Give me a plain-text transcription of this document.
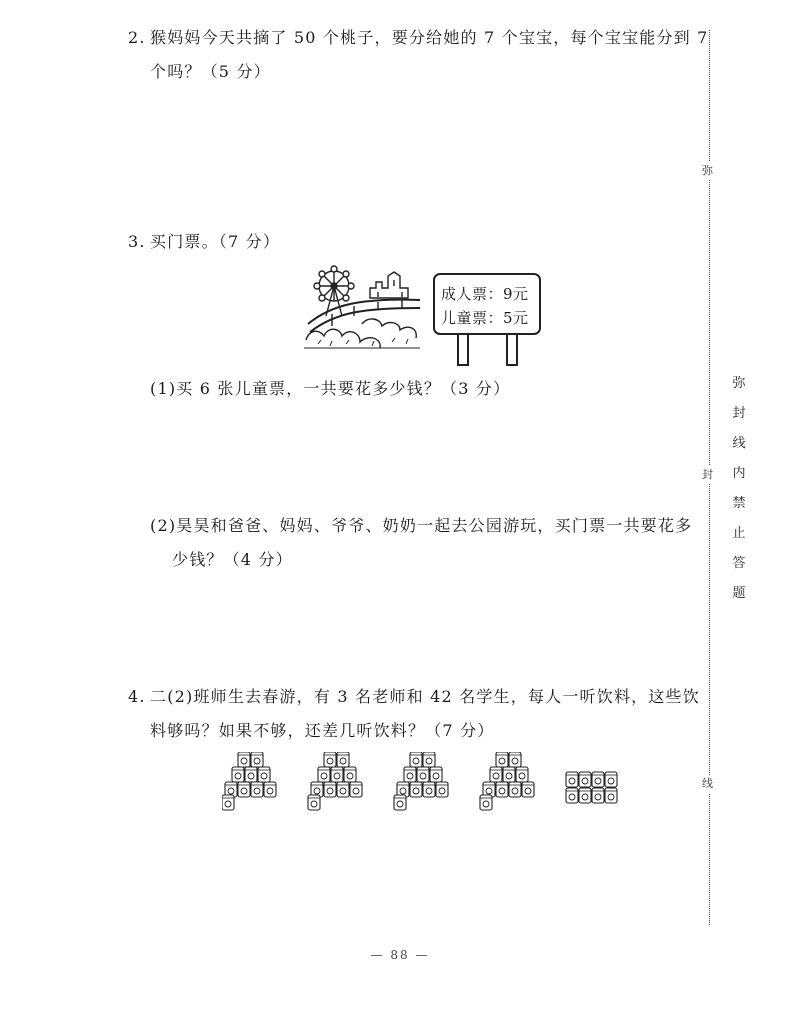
2. 猴妈妈今天共摘了 50 个桃子，要分给她的 7 个宝宝，每个宝宝能分到 7
个吗？（5 分）
3. 买门票。（7 分）
成人票：9元
儿童票：5元
(1)买 6 张儿童票，一共要花多少钱？（3 分）
(2)昊昊和爸爸、妈妈、爷爷、奶奶一起去公园游玩，买门票一共要花多
少钱？（4 分）
4. 二(2)班师生去春游，有 3 名老师和 42 名学生，每人一听饮料，这些饮
料够吗？如果不够，还差几听饮料？（7 分）
弥
封
线
弥
封
线
内
禁
止
答
题
— 88 —
